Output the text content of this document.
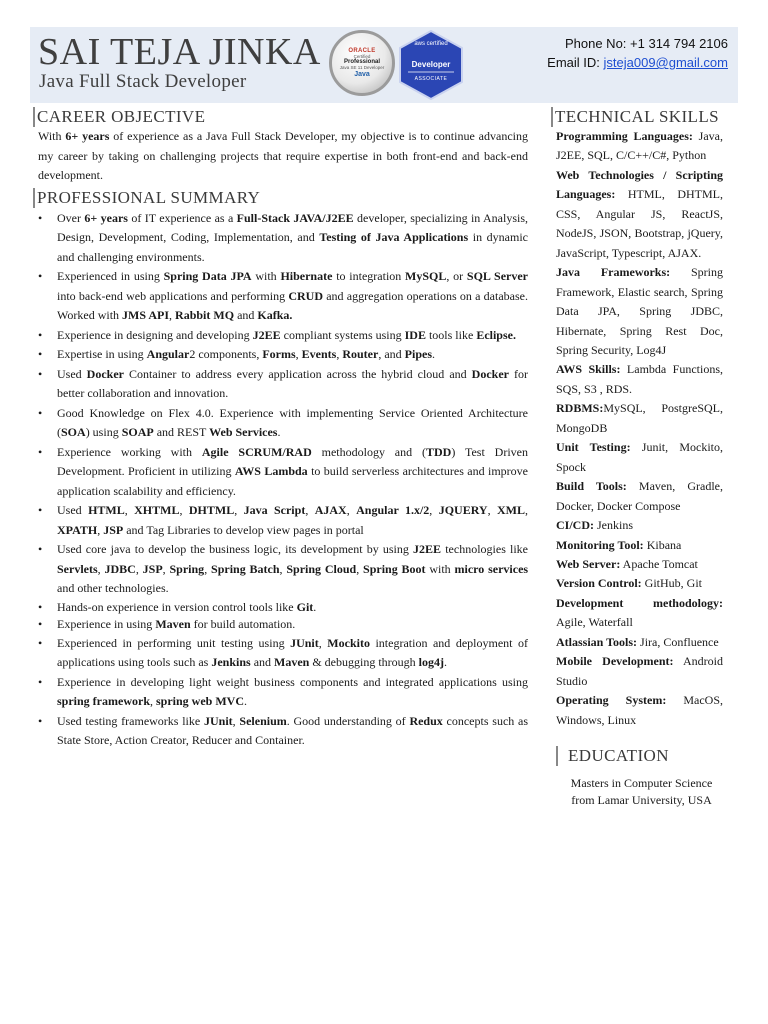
SAI TEJA JINKA
Java Full Stack Developer
ORACLE
Certified
Professional
Java SE 11 Developer
Java
aws certified
Developer
ASSOCIATE
Phone No: +1 314 794 2106
Email ID: jsteja009@gmail.com
CAREER OBJECTIVE
With 6+ years of experience as a Java Full Stack Developer, my objective is to continue advancing my career by taking on challenging projects that require expertise in both front-end and back-end development.
PROFESSIONAL SUMMARY
• Over 6+ years of IT experience as a Full-Stack JAVA/J2EE developer, specializing in Analysis, Design, Development, Coding, Implementation, and Testing of Java Applications in dynamic and challenging environments.
• Experienced in using Spring Data JPA with Hibernate to integration MySQL, or SQL Server into back-end web applications and performing CRUD and aggregation operations on a database. Worked with JMS API, Rabbit MQ and Kafka.
• Experience in designing and developing J2EE compliant systems using IDE tools like Eclipse.
• Expertise in using Angular2 components, Forms, Events, Router, and Pipes.
• Used Docker Container to address every application across the hybrid cloud and Docker for better collaboration and innovation.
• Good Knowledge on Flex 4.0. Experience with implementing Service Oriented Architecture (SOA) using SOAP and REST Web Services.
• Experience working with Agile SCRUM/RAD methodology and (TDD) Test Driven Development. Proficient in utilizing AWS Lambda to build serverless architectures and improve application scalability and efficiency.
• Used HTML, XHTML, DHTML, Java Script, AJAX, Angular 1.x/2, JQUERY, XML, XPATH, JSP and Tag Libraries to develop view pages in portal
• Used core java to develop the business logic, its development by using J2EE technologies like Servlets, JDBC, JSP, Spring, Spring Batch, Spring Cloud, Spring Boot with micro services and other technologies.
• Hands-on experience in version control tools like Git.
• Experience in using Maven for build automation.
• Experienced in performing unit testing using JUnit, Mockito integration and deployment of applications using tools such as Jenkins and Maven & debugging through log4j.
• Experience in developing light weight business components and integrated applications using spring framework, spring web MVC.
• Used testing frameworks like JUnit, Selenium. Good understanding of Redux concepts such as State Store, Action Creator, Reducer and Container.
TECHNICAL SKILLS
Programming Languages: Java, J2EE, SQL, C/C++/C#, Python
Web Technologies / Scripting Languages: HTML, DHTML, CSS, Angular JS, ReactJS, NodeJS, JSON, Bootstrap, jQuery, JavaScript, Typescript, AJAX.
Java Frameworks: Spring Framework, Elastic search, Spring Data JPA, Spring JDBC, Hibernate, Spring Rest Doc, Spring Security, Log4J
AWS Skills: Lambda Functions, SQS, S3 , RDS.
RDBMS:MySQL, PostgreSQL, MongoDB
Unit Testing: Junit, Mockito, Spock
Build Tools: Maven, Gradle, Docker, Docker Compose
CI/CD: Jenkins
Monitoring Tool: Kibana
Web Server: Apache Tomcat
Version Control: GitHub, Git
Development methodology: Agile, Waterfall
Atlassian Tools: Jira, Confluence
Mobile Development: Android Studio
Operating System: MacOS, Windows, Linux
EDUCATION
Masters in Computer Science
from Lamar University, USA
